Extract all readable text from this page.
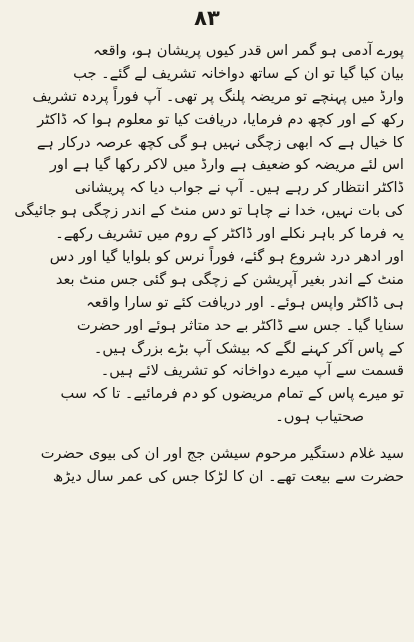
۸۳
پورے آدمی ہو گمر اس قدر کیوں پریشان ہو، واقعہ
بیان کیا گیا تو ان کے ساتھ دواخانہ تشریف لے گئے۔ جب
وارڈ میں پہنچے تو مریضہ پلنگ پر تھی۔ آپ فوراً پردہ تشریف
رکھ کے اور کچھ دم فرمایا، دریافت کیا تو معلوم ہوا کہ ڈاکٹر
کا خیال ہے کہ ابھی زچگی نہیں ہو گی کچھ عرصہ درکار ہے
اس لئے مریضہ کو ضعیف ہے وارڈ میں لاکر رکھا گیا ہے اور
ڈاکٹر انتظار کر رہے ہیں۔ آپ نے جواب دیا کہ پریشانی
کی بات نہیں، خدا نے چاہا تو دس منٹ کے اندر زچگی ہو جائیگی
یہ فرما کر باہر نکلے اور ڈاکٹر کے روم میں تشریف رکھے۔
اور ادھر درد شروع ہو گئے، فوراً نرس کو بلوایا گیا اور دس
منٹ کے اندر بغیر آپریشن کے زچگی ہو گئی جس منٹ بعد
ہی ڈاکٹر واپس ہوئے۔ اور دریافت کئے تو سارا واقعہ
سنایا گیا۔ جس سے ڈاکٹر بے حد متاثر ہوئے اور حضرت
کے پاس آکر کہنے لگے کہ بیشک آپ بڑے بزرگ ہیں۔
قسمت سے آپ میرے دواخانہ کو تشریف لائے ہیں۔
تو میرے پاس کے تمام مریضوں کو دم فرمائیے۔ تا کہ سب
صحتیاب ہوں۔
سید غلام دستگیر مرحوم سیشن جج اور ان کی بیوی حضرت
حضرت سے بیعت تھے۔ ان کا لڑکا جس کی عمر سال دیڑھ
